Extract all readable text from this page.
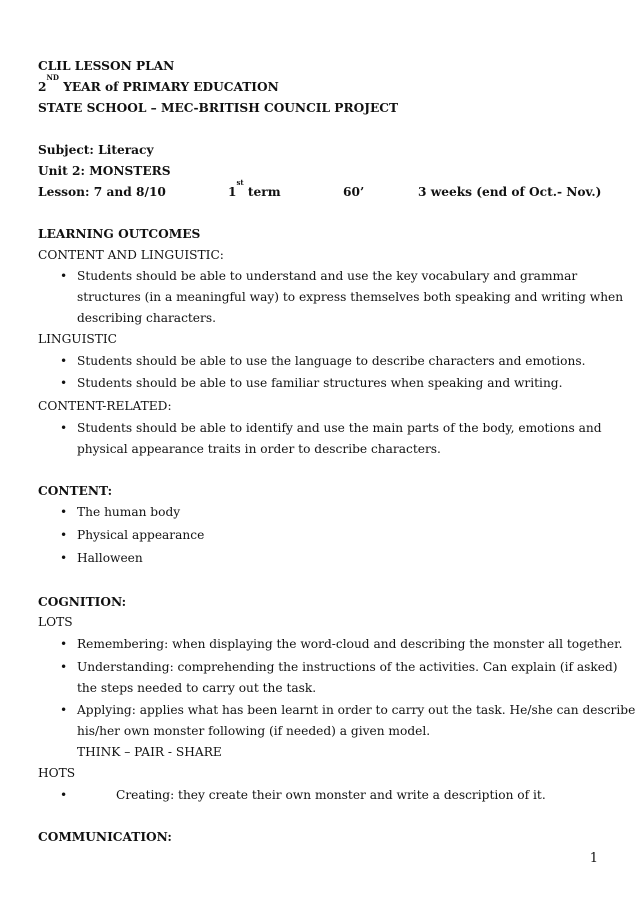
CLIL LESSON PLAN
2ND YEAR of PRIMARY EDUCATION
STATE SCHOOL – MEC-BRITISH COUNCIL PROJECT
Subject: Literacy
Unit 2: MONSTERS
Lesson: 7 and 8/10	1st term	60’	3 weeks (end of Oct.- Nov.)
LEARNING OUTCOMES
CONTENT AND LINGUISTIC:
• Students should be able to understand and use the key vocabulary and grammar
structures (in a meaningful way) to express themselves both speaking and writing when
describing characters.
LINGUISTIC
• Students should be able to use the language to describe characters and emotions.
• Students should be able to use familiar structures when speaking and writing.
CONTENT-RELATED:
• Students should be able to identify and use the main parts of the body, emotions and
physical appearance traits in order to describe characters.
CONTENT:
• The human body
• Physical appearance
• Halloween
COGNITION:
LOTS
• Remembering: when displaying the word-cloud and describing the monster all together.
• Understanding: comprehending the instructions of the activities. Can explain (if asked)
the steps needed to carry out the task.
• Applying: applies what has been learnt in order to carry out the task. He/she can describe
his/her own monster following (if needed) a given model.
THINK – PAIR - SHARE
HOTS
•	Creating: they create their own monster and write a description of it.
COMMUNICATION:
1
